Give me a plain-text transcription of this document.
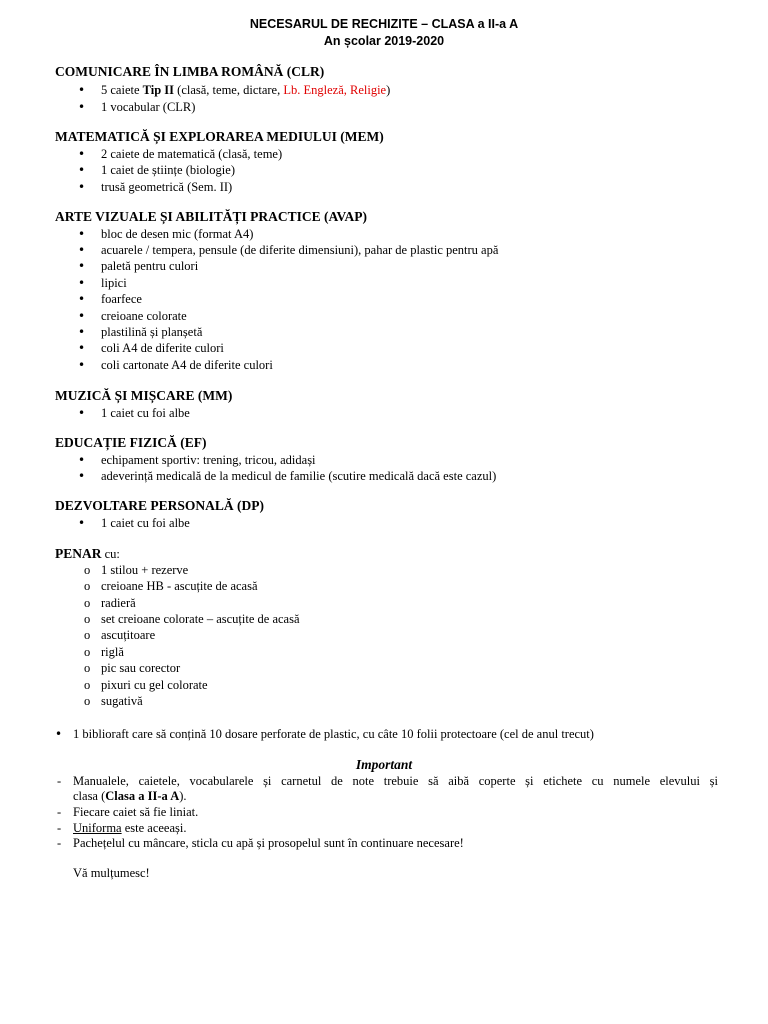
NECESARUL DE RECHIZITE – CLASA a II-a A
An școlar 2019-2020
COMUNICARE ÎN LIMBA ROMÂNĂ (CLR)
• 5 caiete Tip II (clasă, teme, dictare, Lb. Engleză, Religie)
• 1 vocabular (CLR)
MATEMATICĂ ȘI EXPLORAREA MEDIULUI (MEM)
• 2 caiete de matematică (clasă, teme)
• 1 caiet de științe (biologie)
• trusă geometrică (Sem. II)
ARTE VIZUALE ȘI ABILITĂȚI PRACTICE (AVAP)
• bloc de desen mic (format A4)
• acuarele / tempera, pensule (de diferite dimensiuni), pahar de plastic pentru apă
• paletă pentru culori
• lipici
• foarfece
• creioane colorate
• plastilină și planșetă
• coli A4 de diferite culori
• coli cartonate A4 de diferite culori
MUZICĂ ȘI MIȘCARE (MM)
• 1 caiet cu foi albe
EDUCAȚIE FIZICĂ (EF)
• echipament sportiv: trening, tricou, adidași
• adeverință medicală de la medicul de familie (scutire medicală dacă este cazul)
DEZVOLTARE PERSONALĂ (DP)
• 1 caiet cu foi albe
PENAR cu:
o 1 stilou + rezerve
o creioane HB - ascuțite de acasă
o radieră
o set creioane colorate – ascuțite de acasă
o ascuțitoare
o riglă
o pic sau corector
o pixuri cu gel colorate
o sugativă
• 1 biblioraft care să conțină 10 dosare perforate de plastic, cu câte 10 folii protectoare (cel de anul trecut)
Important
- Manualele, caietele, vocabularele și carnetul de note trebuie să aibă coperte și etichete cu numele elevului și
clasa (Clasa a II-a A).
- Fiecare caiet să fie liniat.
- Uniforma este aceeași.
- Pachețelul cu mâncare, sticla cu apă și prosopelul sunt în continuare necesare!
Vă mulțumesc!
